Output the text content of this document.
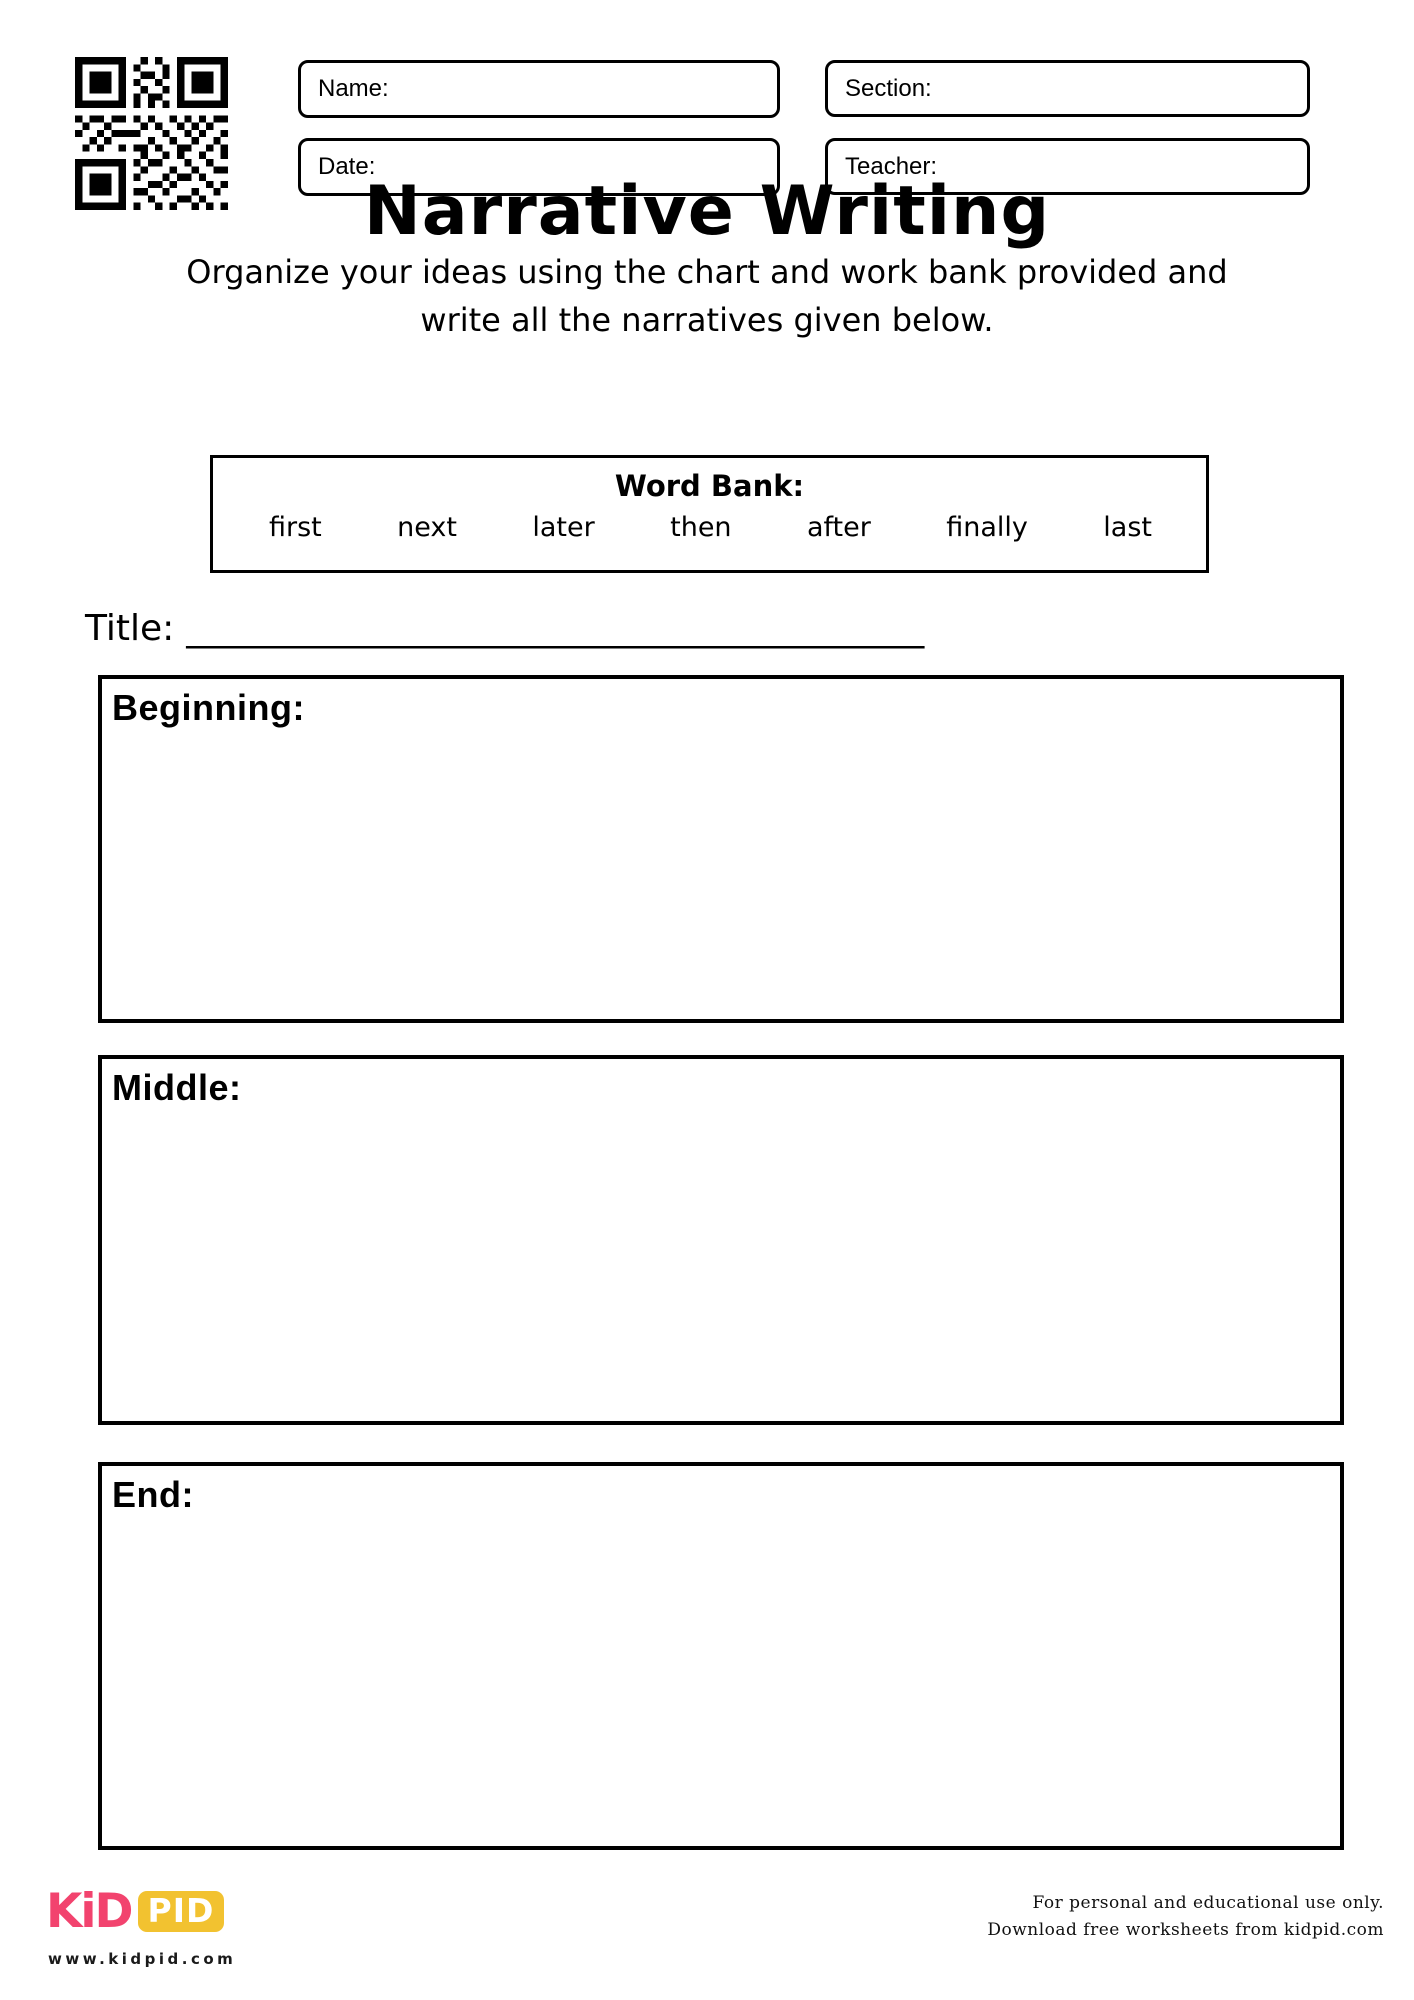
Name:	Section:
Date:	Teacher:
Narrative Writing

Organize your ideas using the chart and work bank provided and
write all the narratives given below.

Word Bank:
first	next	later	then	after	finally	last
Title: _________________________________________
Beginning:
Middle:
End:
KiD PID
www.kidpid.com
For personal and educational use only.
Download free worksheets from kidpid.com
